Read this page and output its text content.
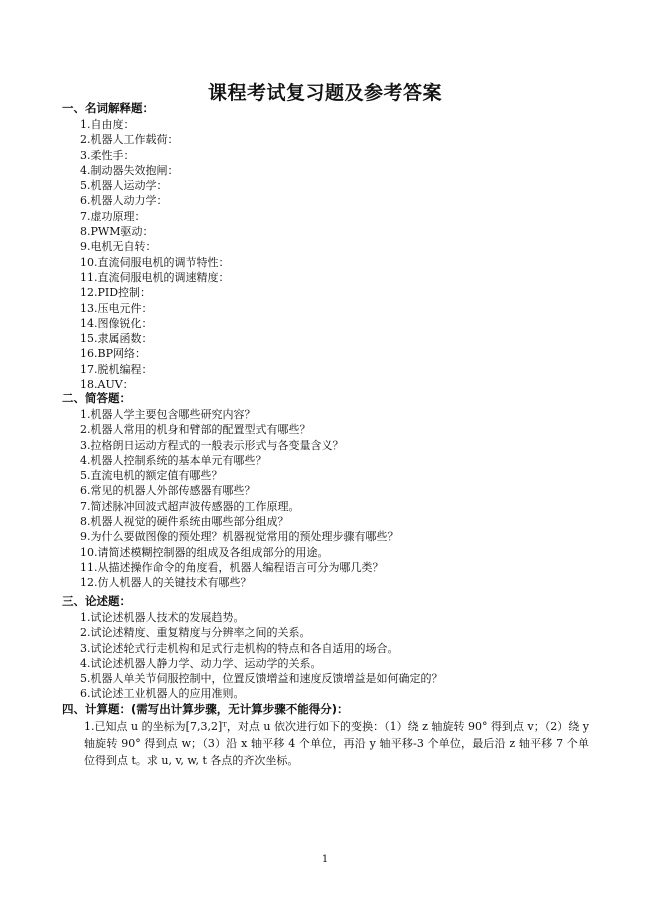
课程考试复习题及参考答案
一、名词解释题：
1.自由度：
2.机器人工作载荷：
3.柔性手：
4.制动器失效抱闸：
5.机器人运动学：
6.机器人动力学：
7.虚功原理：
8.PWM驱动：
9.电机无自转：
10.直流伺服电机的调节特性：
11.直流伺服电机的调速精度：
12.PID控制：
13.压电元件：
14.图像锐化：
15.隶属函数：
16.BP网络：
17.脱机编程：
18.AUV：
二、简答题：
1.机器人学主要包含哪些研究内容？
2.机器人常用的机身和臂部的配置型式有哪些？
3.拉格朗日运动方程式的一般表示形式与各变量含义？
4.机器人控制系统的基本单元有哪些？
5.直流电机的额定值有哪些？
6.常见的机器人外部传感器有哪些？
7.简述脉冲回波式超声波传感器的工作原理。
8.机器人视觉的硬件系统由哪些部分组成？
9.为什么要做图像的预处理？机器视觉常用的预处理步骤有哪些？
10.请简述模糊控制器的组成及各组成部分的用途。
11.从描述操作命令的角度看，机器人编程语言可分为哪几类？
12.仿人机器人的关键技术有哪些？
三、论述题：
1.试论述机器人技术的发展趋势。
2.试论述精度、重复精度与分辨率之间的关系。
3.试论述轮式行走机构和足式行走机构的特点和各自适用的场合。
4.试论述机器人静力学、动力学、运动学的关系。
5.机器人单关节伺服控制中，位置反馈增益和速度反馈增益是如何确定的？
6.试论述工业机器人的应用准则。
四、计算题：(需写出计算步骤，无计算步骤不能得分)：
1.已知点 u 的坐标为[7,3,2]ᵀ，对点 u 依次进行如下的变换：（1）绕 z 轴旋转 90° 得到点 v；（2）绕 y 轴旋转 90° 得到点 w；（3）沿 x 轴平移 4 个单位，再沿 y 轴平移-3 个单位，最后沿 z 轴平移 7 个单位得到点 t。求 u, v, w, t 各点的齐次坐标。
1
